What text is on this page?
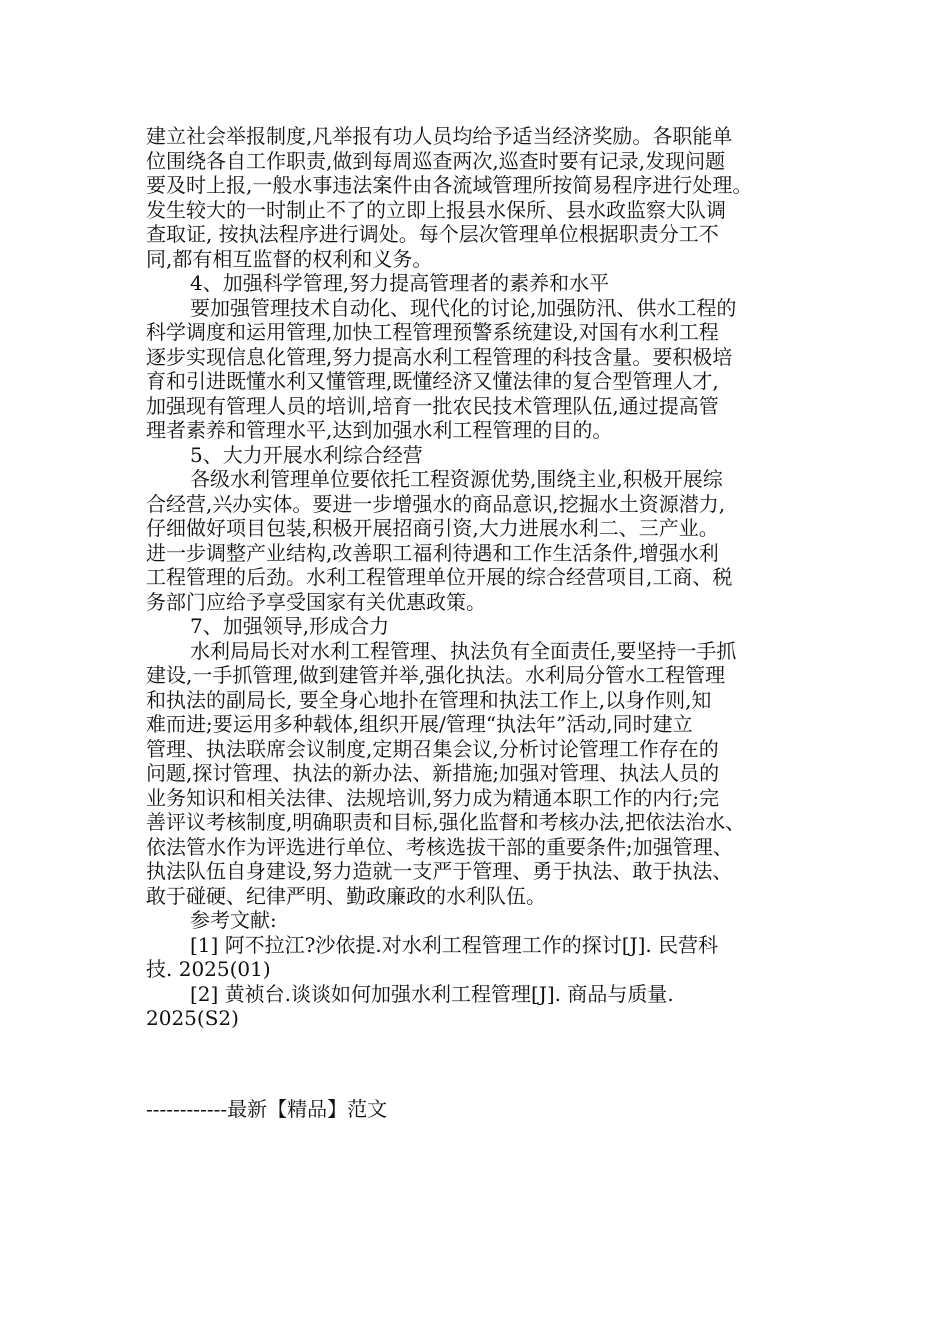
建立社会举报制度,凡举报有功人员均给予适当经济奖励。各职能单
位围绕各自工作职责,做到每周巡查两次,巡查时要有记录,发现问题
要及时上报,一般水事违法案件由各流域管理所按简易程序进行处理。
发生较大的一时制止不了的立即上报县水保所、县水政监察大队调
查取证, 按执法程序进行调处。每个层次管理单位根据职责分工不
同,都有相互监督的权利和义务。
4、加强科学管理,努力提高管理者的素养和水平
要加强管理技术自动化、现代化的讨论,加强防汛、供水工程的
科学调度和运用管理,加快工程管理预警系统建设,对国有水利工程
逐步实现信息化管理,努力提高水利工程管理的科技含量。要积极培
育和引进既懂水利又懂管理,既懂经济又懂法律的复合型管理人才,
加强现有管理人员的培训,培育一批农民技术管理队伍,通过提高管
理者素养和管理水平,达到加强水利工程管理的目的。
5、大力开展水利综合经营
各级水利管理单位要依托工程资源优势,围绕主业,积极开展综
合经营,兴办实体。要进一步增强水的商品意识,挖掘水土资源潜力,
仔细做好项目包装,积极开展招商引资,大力进展水利二、三产业。
进一步调整产业结构,改善职工福利待遇和工作生活条件,增强水利
工程管理的后劲。水利工程管理单位开展的综合经营项目,工商、税
务部门应给予享受国家有关优惠政策。
7、加强领导,形成合力
水利局局长对水利工程管理、执法负有全面责任,要坚持一手抓
建设,一手抓管理,做到建管并举,强化执法。水利局分管水工程管理
和执法的副局长, 要全身心地扑在管理和执法工作上,以身作则,知
难而进;要运用多种载体,组织开展/管理“执法年”活动,同时建立
管理、执法联席会议制度,定期召集会议,分析讨论管理工作存在的
问题,探讨管理、执法的新办法、新措施;加强对管理、执法人员的
业务知识和相关法律、法规培训,努力成为精通本职工作的内行;完
善评议考核制度,明确职责和目标,强化监督和考核办法,把依法治水、
依法管水作为评选进行单位、考核选拔干部的重要条件;加强管理、
执法队伍自身建设,努力造就一支严于管理、勇于执法、敢于执法、
敢于碰硬、纪律严明、勤政廉政的水利队伍。
参考文献:
[1] 阿不拉江?沙依提.对水利工程管理工作的探讨[J]. 民营科
技. 2025(01)
[2] 黄祯台.谈谈如何加强水利工程管理[J]. 商品与质量.
2025(S2)
------------最新【精品】范文
